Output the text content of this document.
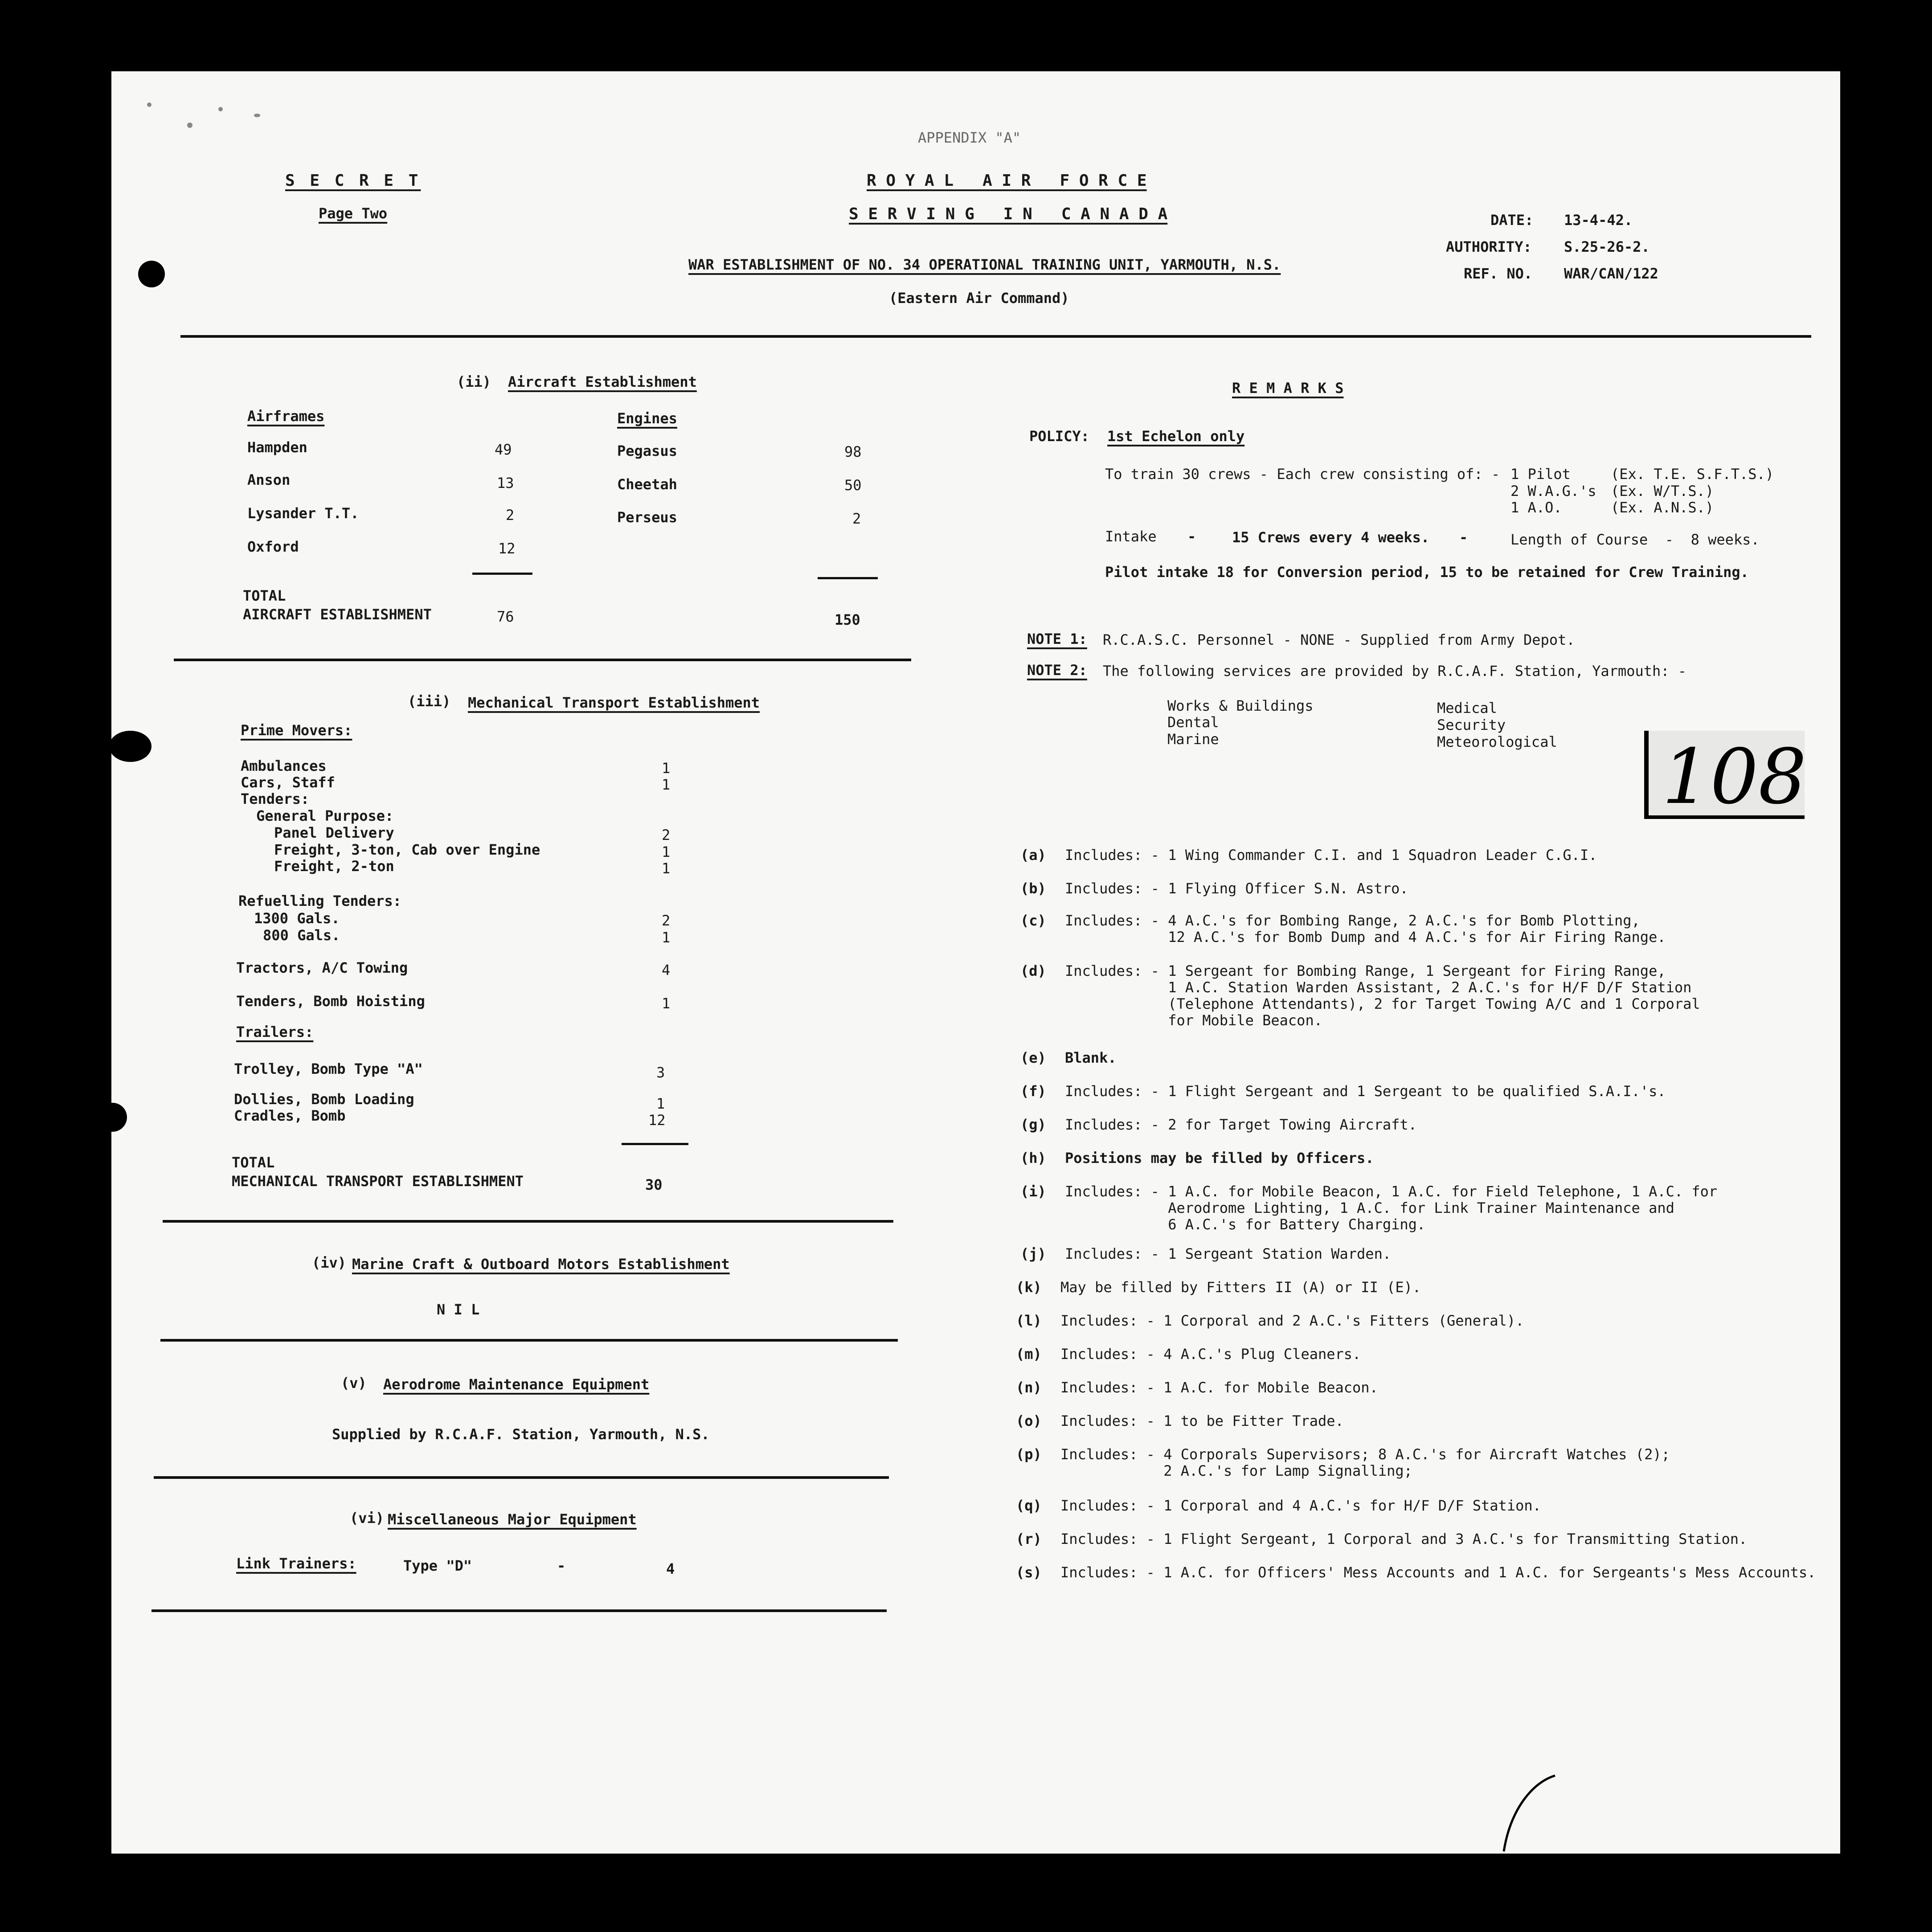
APPENDIX "A"
S E C R E T
Page Two
R O Y A L   A I R   F O R C E
S E R V I N G   I N   C A N A D A
WAR ESTABLISHMENT OF NO. 34 OPERATIONAL TRAINING UNIT, YARMOUTH, N.S.
(Eastern Air Command)
DATE: 13-4-42.
AUTHORITY: S.25-26-2.
REF. NO. WAR/CAN/122
(ii) Aircraft Establishment
Airframes	Engines
Hampden	49
Anson	13
Lysander T.T.	2
Oxford	12
Pegasus	98
Cheetah	50
Perseus	2
TOTAL
AIRCRAFT ESTABLISHMENT	76	150
(iii) Mechanical Transport Establishment
Prime Movers:
Ambulances	1
Cars, Staff	1
Tenders:
General Purpose:
Panel Delivery	2
Freight, 3-ton, Cab over Engine	1
Freight, 2-ton	1
Refuelling Tenders:
1300 Gals.	2
800 Gals.	1
Tractors, A/C Towing	4
Tenders, Bomb Hoisting	1
Trailers:
Trolley, Bomb Type "A"	3
Dollies, Bomb Loading	1
Cradles, Bomb	12
TOTAL
MECHANICAL TRANSPORT ESTABLISHMENT	30
(iv) Marine Craft & Outboard Motors Establishment
N I L
(v) Aerodrome Maintenance Equipment
Supplied by R.C.A.F. Station, Yarmouth, N.S.
(vi) Miscellaneous Major Equipment
Link Trainers:	Type "D"	-	4
R E M A R K S
POLICY: 1st Echelon only
To train 30 crews - Each crew consisting of: - 1 Pilot	(Ex. T.E. S.F.T.S.)
2 W.A.G.'s (Ex. W/T.S.)
1 A.O.	(Ex. A.N.S.)
Intake -	15 Crews every 4 weeks. -	Length of Course  -  8 weeks.
Pilot intake 18 for Conversion period, 15 to be retained for Crew Training.
NOTE 1: R.C.A.S.C. Personnel - NONE - Supplied from Army Depot.
NOTE 2: The following services are provided by R.C.A.F. Station, Yarmouth: -
Works & Buildings
Dental
Marine
Medical
Security
Meteorological 108
(a) Includes: - 1 Wing Commander C.I. and 1 Squadron Leader C.G.I.
(b) Includes: - 1 Flying Officer S.N. Astro.
(c) Includes: - 4 A.C.'s for Bombing Range, 2 A.C.'s for Bomb Plotting,
12 A.C.'s for Bomb Dump and 4 A.C.'s for Air Firing Range.
(d) Includes: - 1 Sergeant for Bombing Range, 1 Sergeant for Firing Range,
1 A.C. Station Warden Assistant, 2 A.C.'s for H/F D/F Station
(Telephone Attendants), 2 for Target Towing A/C and 1 Corporal
for Mobile Beacon.
(e) Blank.
(f) Includes: - 1 Flight Sergeant and 1 Sergeant to be qualified S.A.I.'s.
(g) Includes: - 2 for Target Towing Aircraft.
(h) Positions may be filled by Officers.
(i) Includes: - 1 A.C. for Mobile Beacon, 1 A.C. for Field Telephone, 1 A.C. for
Aerodrome Lighting, 1 A.C. for Link Trainer Maintenance and
6 A.C.'s for Battery Charging.
(j) Includes: - 1 Sergeant Station Warden.
(k) May be filled by Fitters II (A) or II (E).
(l) Includes: - 1 Corporal and 2 A.C.'s Fitters (General).
(m) Includes: - 4 A.C.'s Plug Cleaners.
(n) Includes: - 1 A.C. for Mobile Beacon.
(o) Includes: - 1 to be Fitter Trade.
(p) Includes: - 4 Corporals Supervisors; 8 A.C.'s for Aircraft Watches (2);
2 A.C.'s for Lamp Signalling;
(q) Includes: - 1 Corporal and 4 A.C.'s for H/F D/F Station.
(r) Includes: - 1 Flight Sergeant, 1 Corporal and 3 A.C.'s for Transmitting Station.
(s) Includes: - 1 A.C. for Officers' Mess Accounts and 1 A.C. for Sergeants's Mess Accounts.
